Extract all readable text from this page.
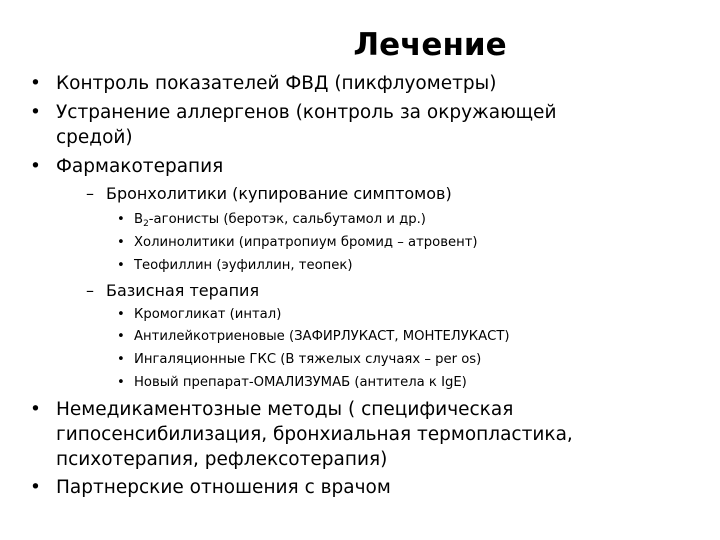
Лечение
• Контроль показателей ФВД (пикфлуометры)
• Устранение аллергенов (контроль за окружающей
средой)
• Фармакотерапия
– Бронхолитики (купирование симптомов)
• $B_2$-агонисты (беротэк, сальбутамол и др.)
• Холинолитики (ипратропиум бромид – атровент)
• Теофиллин (эуфиллин, теопек)
– Базисная терапия
• Кромогликат (интал)
• Антилейкотриеновые (ЗАФИРЛУКАСТ, МОНТЕЛУКАСТ)
• Ингаляционные ГКС (В тяжелых случаях – per os)
• Новый препарат-ОМАЛИЗУМАБ (антитела к IgE)
• Немедикаментозные методы ( специфическая
гипосенсибилизация, бронхиальная термопластика,
психотерапия, рефлексотерапия)
• Партнерские отношения с врачом
